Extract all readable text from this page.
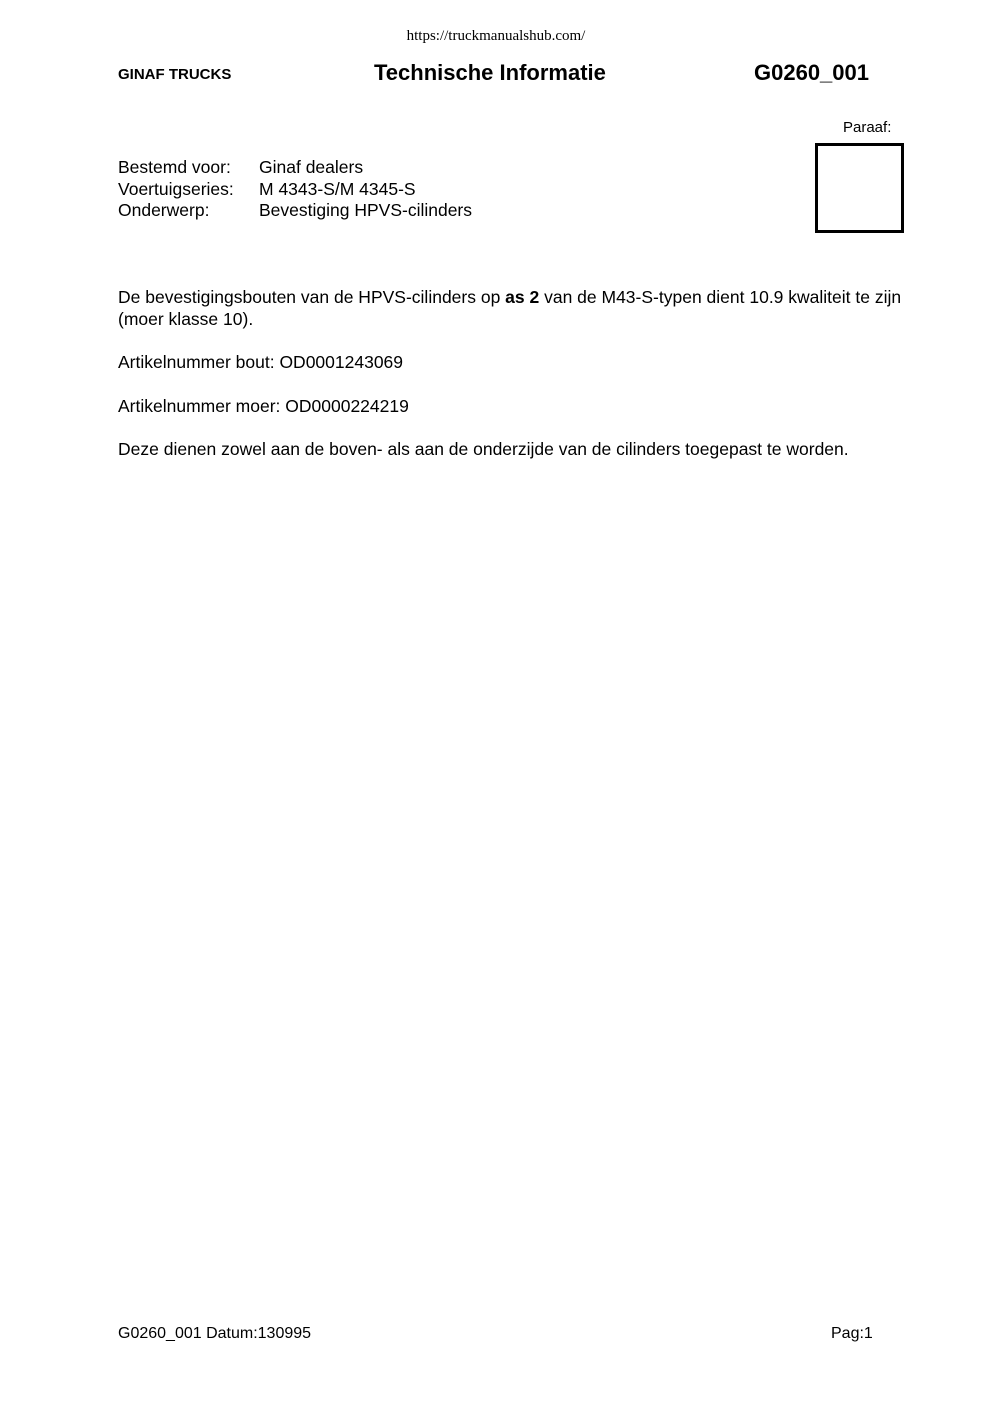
https://truckmanualshub.com/
GINAF TRUCKS	Technische Informatie	G0260_001
Paraaf:
Bestemd voor:	Ginaf dealers
Voertuigseries:	M 4343-S/M 4345-S
Onderwerp:	Bevestiging HPVS-cilinders

De bevestigingsbouten van de HPVS-cilinders op as 2 van de M43-S-typen dient 10.9 kwaliteit te zijn (moer klasse 10).

Artikelnummer bout: OD0001243069

Artikelnummer moer: OD0000224219

Deze dienen zowel aan de boven- als aan de onderzijde van de cilinders toegepast te worden.

G0260_001 Datum:130995	Pag:1
